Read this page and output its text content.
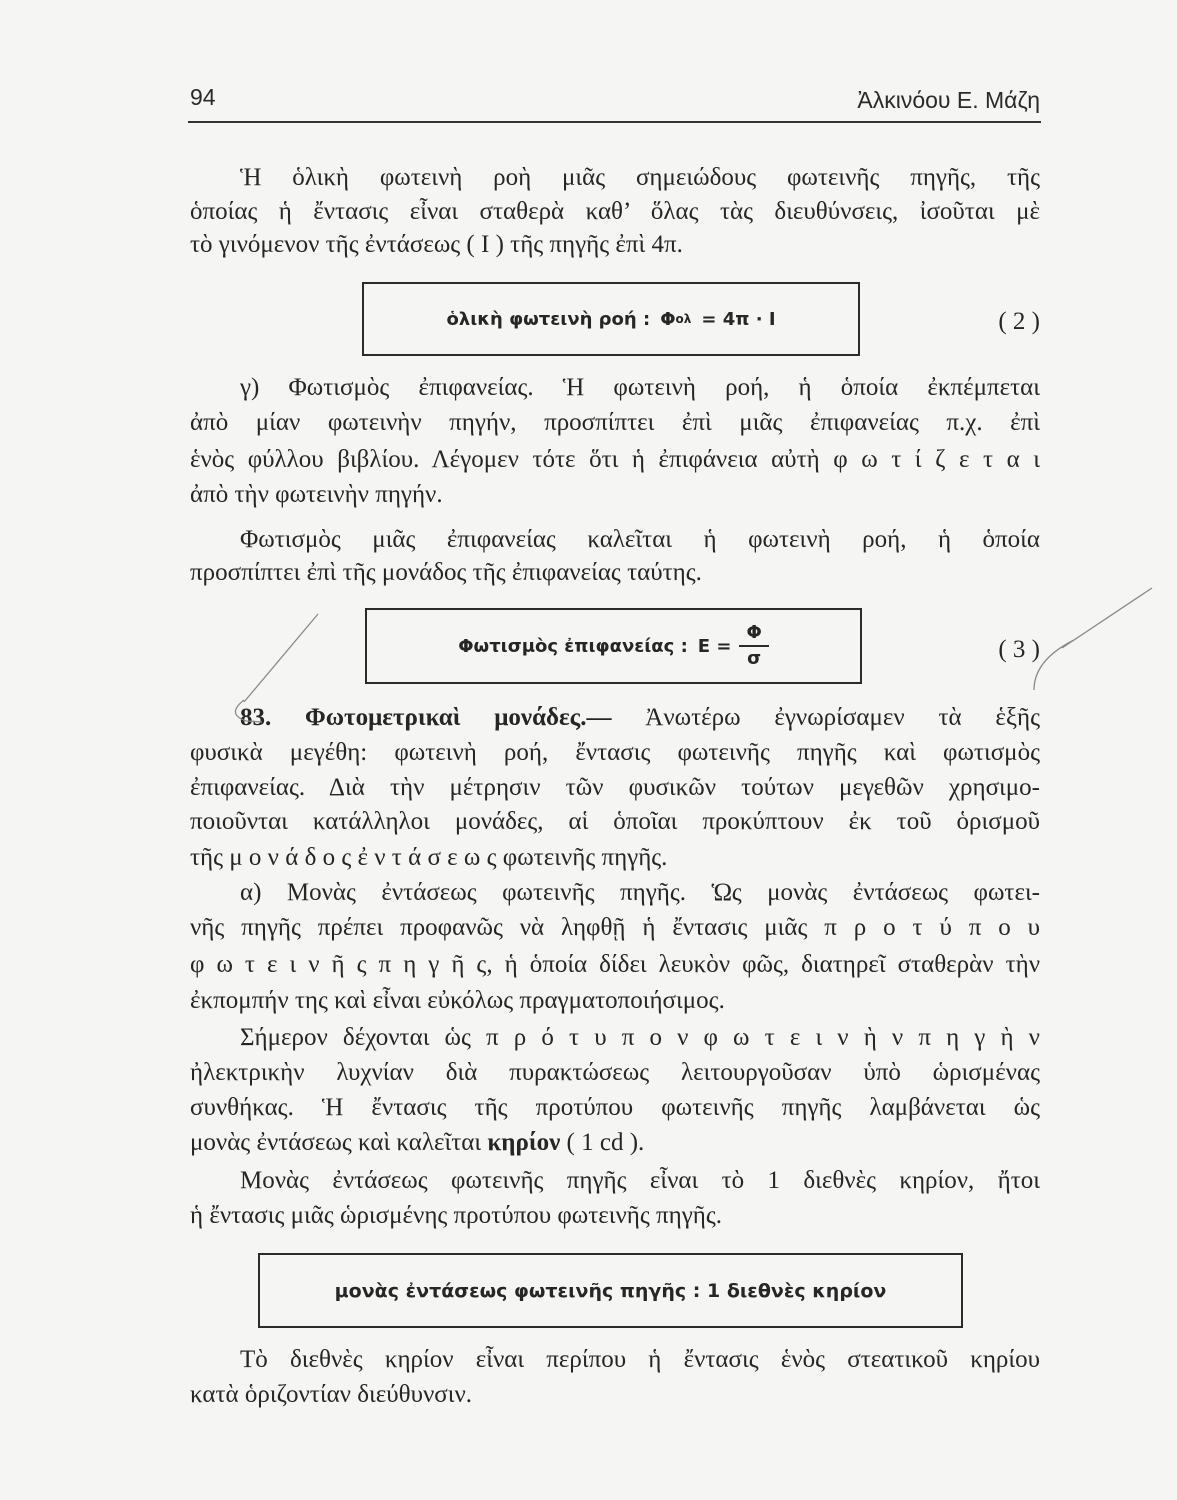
94	Ἀλκινόου Ε. Μάζη
Ἡ ὁλικὴ φωτεινὴ ροὴ μιᾶς σημειώδους φωτεινῆς πηγῆς, τῆς
ὁποίας ἡ ἔντασις εἶναι σταθερὰ καθ’ ὅλας τὰς διευθύνσεις, ἰσοῦται μὲ
τὸ γινόμενον τῆς ἐντάσεως ( I ) τῆς πηγῆς ἐπὶ 4π.
ὁλικὴ φωτεινὴ ροή : Φ ολ = 4π · I	( 2 )
γ) Φωτισμὸς ἐπιφανείας. Ἡ φωτεινὴ ροή, ἡ ὁποία ἐκπέμπεται
ἀπὸ μίαν φωτεινὴν πηγήν, προσπίπτει ἐπὶ μιᾶς ἐπιφανείας π.χ. ἐπὶ
ἑνὸς φύλλου βιβλίου. Λέγομεν τότε ὅτι ἡ ἐπιφάνεια αὐτὴ φ ω τ ί ζ ε τ α ι
ἀπὸ τὴν φωτεινὴν πηγήν.
Φωτισμὸς μιᾶς ἐπιφανείας καλεῖται ἡ φωτεινὴ ροή, ἡ ὁποία
προσπίπτει ἐπὶ τῆς μονάδος τῆς ἐπιφανείας ταύτης.
Φωτισμὸς ἐπιφανείας : $E = \frac{\Phi}{\sigma}$	( 3 )
83. Φωτομετρικαὶ μονάδες.— Ἀνωτέρω ἐγνωρίσαμεν τὰ ἑξῆς
φυσικὰ μεγέθη: φωτεινὴ ροή, ἔντασις φωτεινῆς πηγῆς καὶ φωτισμὸς
ἐπιφανείας. Διὰ τὴν μέτρησιν τῶν φυσικῶν τούτων μεγεθῶν χρησιμο-
ποιοῦνται κατάλληλοι μονάδες, αἱ ὁποῖαι προκύπτουν ἐκ τοῦ ὁρισμοῦ
τῆς μ ο ν ά δ ο ς ἐ ν τ ά σ ε ω ς φωτεινῆς πηγῆς.
α) Μονὰς ἐντάσεως φωτεινῆς πηγῆς. Ὡς μονὰς ἐντάσεως φωτει-
νῆς πηγῆς πρέπει προφανῶς νὰ ληφθῇ ἡ ἔντασις μιᾶς π ρ ο τ ύ π ο υ
φ ω τ ε ι ν ῆ ς π η γ ῆ ς, ἡ ὁποία δίδει λευκὸν φῶς, διατηρεῖ σταθερὰν τὴν
ἐκπομπήν της καὶ εἶναι εὐκόλως πραγματοποιήσιμος.
Σήμερον δέχονται ὡς π ρ ό τ υ π ο ν φ ω τ ε ι ν ὴ ν π η γ ὴ ν
ἠλεκτρικὴν λυχνίαν διὰ πυρακτώσεως λειτουργοῦσαν ὑπὸ ὡρισμένας
συνθήκας. Ἡ ἔντασις τῆς προτύπου φωτεινῆς πηγῆς λαμβάνεται ὡς
μονὰς ἐντάσεως καὶ καλεῖται κηρίον ( 1 cd ).
Μονὰς ἐντάσεως φωτεινῆς πηγῆς εἶναι τὸ 1 διεθνὲς κηρίον, ἤτοι
ἡ ἔντασις μιᾶς ὡρισμένης προτύπου φωτεινῆς πηγῆς.
μονὰς ἐντάσεως φωτεινῆς πηγῆς : 1 διεθνὲς κηρίον
Τὸ διεθνὲς κηρίον εἶναι περίπου ἡ ἔντασις ἑνὸς στεατικοῦ κηρίου
κατὰ ὁριζοντίαν διεύθυνσιν.
